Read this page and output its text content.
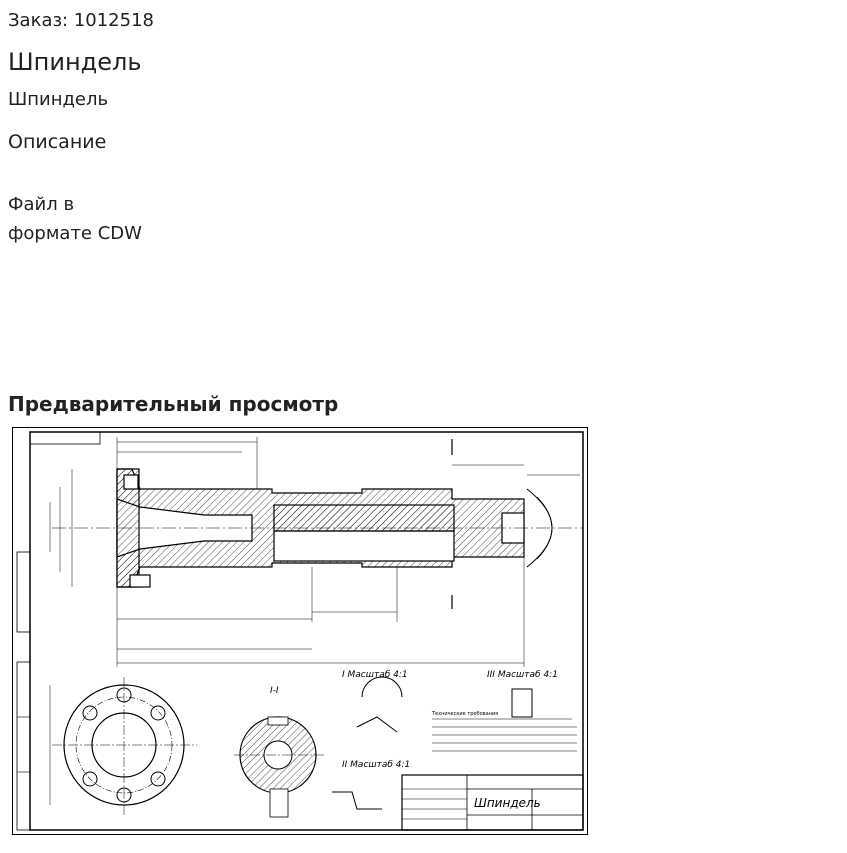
Заказ: 1012518
Шпиндель
Шпиндель
Описание
Файл в
формате CDW
Предварительный просмотр
Технические требования
I Масштаб 4:1
II Масштаб 4:1
III Масштаб 4:1
I-I
Шпиндель
